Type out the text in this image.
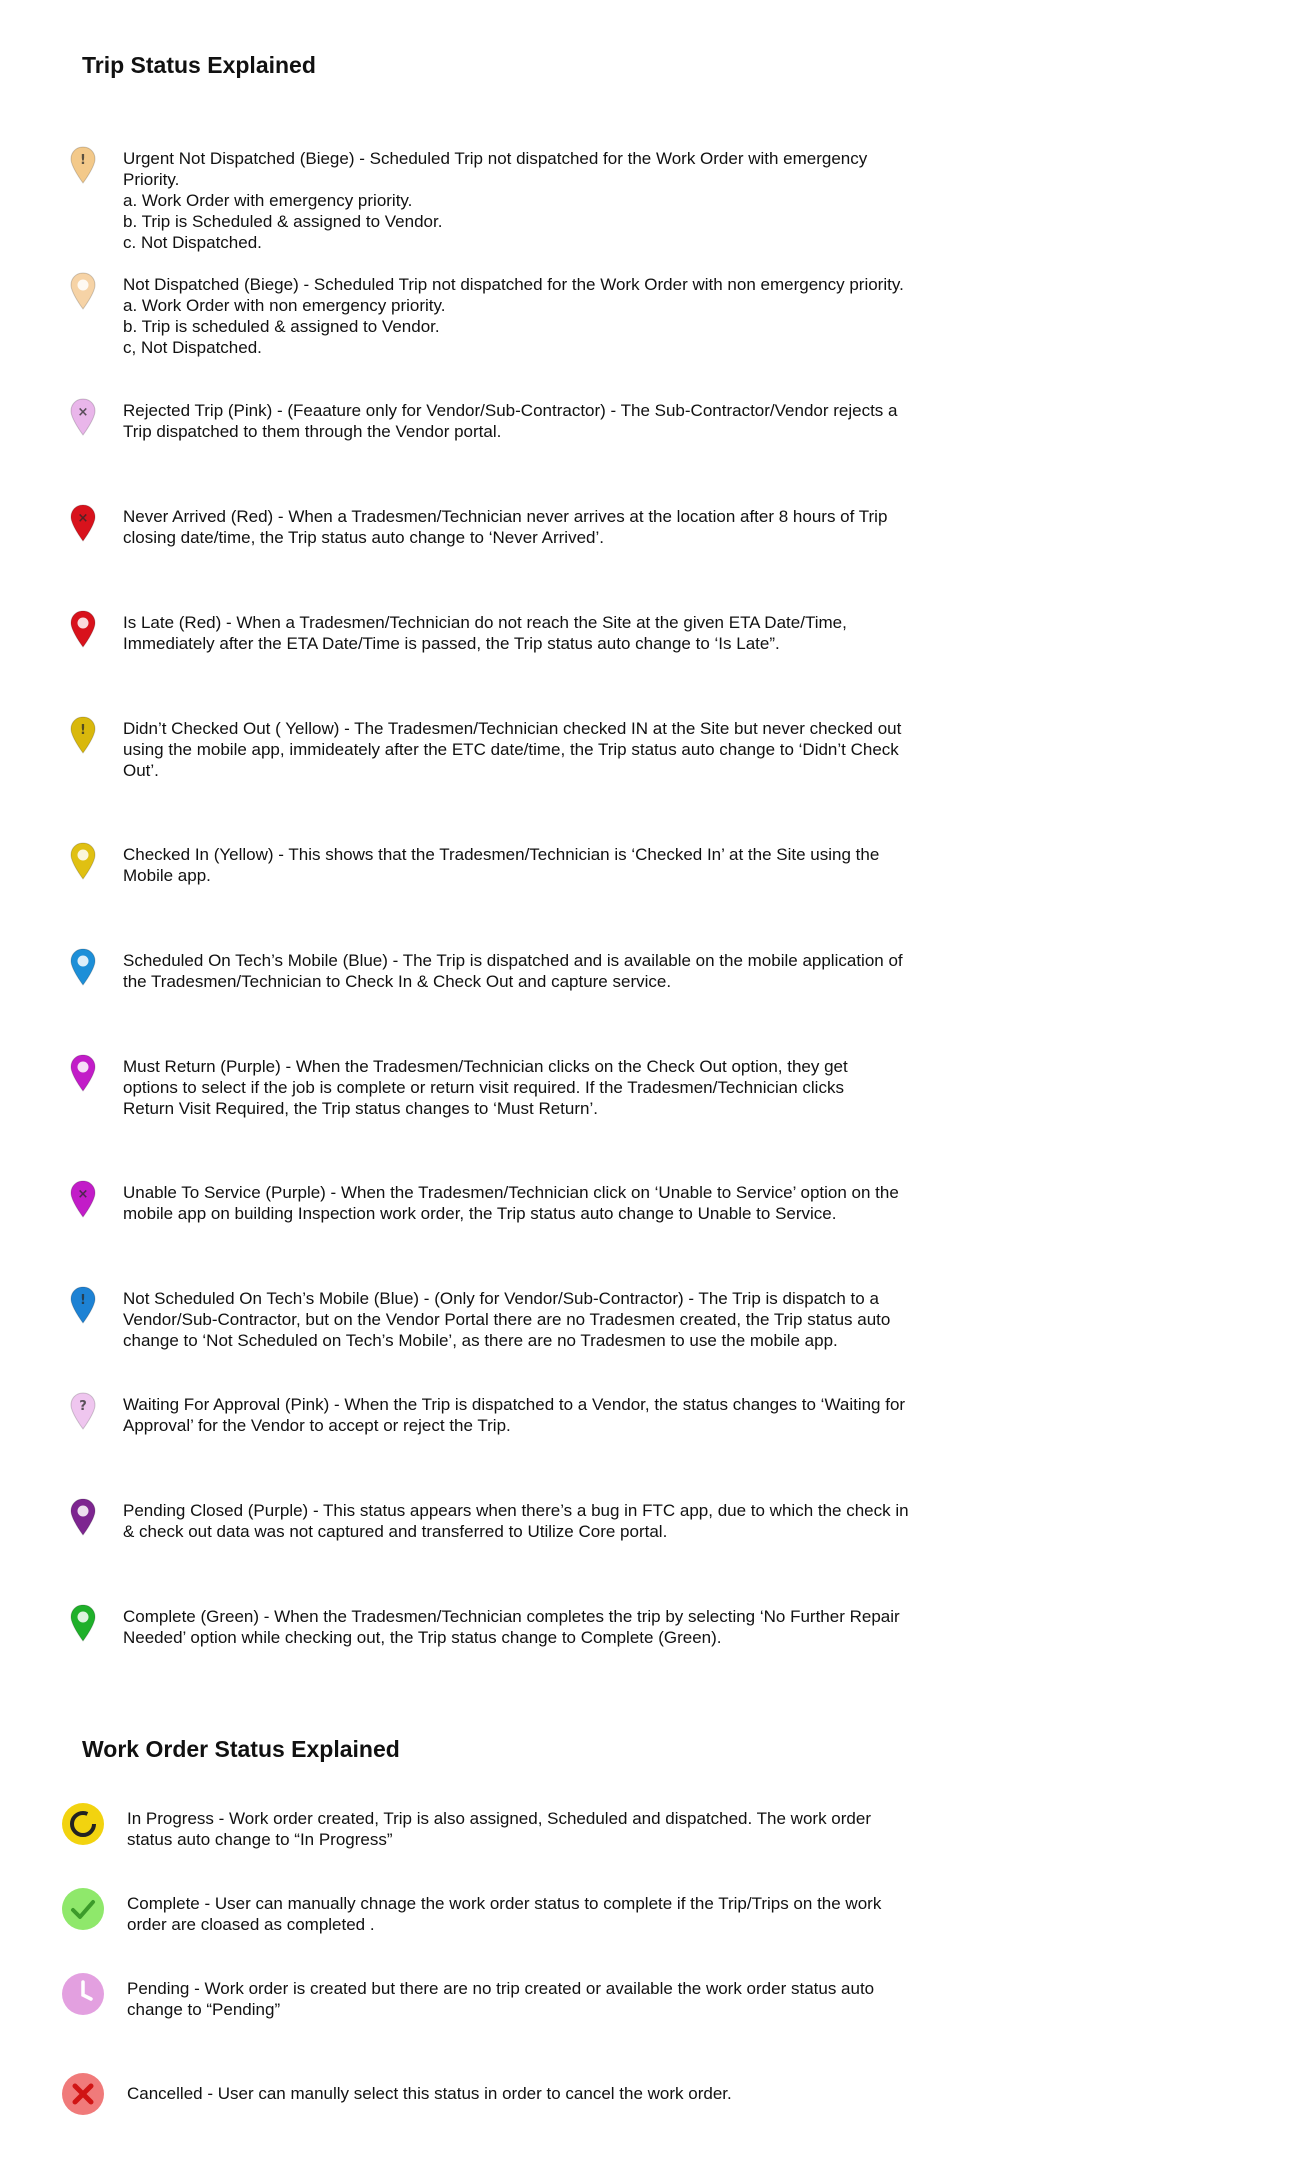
Trip Status Explained
! Urgent Not Dispatched (Biege) - Scheduled Trip not dispatched for the Work Order with emergency
Priority.
a. Work Order with emergency priority.
b. Trip is Scheduled & assigned to Vendor.
c. Not Dispatched.
Not Dispatched (Biege) - Scheduled Trip not dispatched for the Work Order with non emergency priority.
a. Work Order with non emergency priority.
b. Trip is scheduled & assigned to Vendor.
c, Not Dispatched.
× Rejected Trip (Pink) - (Feaature only for Vendor/Sub-Contractor) - The Sub-Contractor/Vendor rejects a
Trip dispatched to them through the Vendor portal.
× Never Arrived (Red) - When a Tradesmen/Technician never arrives at the location after 8 hours of Trip
closing date/time, the Trip status auto change to ‘Never Arrived’.
Is Late (Red) - When a Tradesmen/Technician do not reach the Site at the given ETA Date/Time,
Immediately after the ETA Date/Time is passed, the Trip status auto change to ‘Is Late”.
! Didn’t Checked Out ( Yellow) - The Tradesmen/Technician checked IN at the Site but never checked out
using the mobile app, immideately after the ETC date/time, the Trip status auto change to ‘Didn’t Check
Out’.
Checked In (Yellow) - This shows that the Tradesmen/Technician is ‘Checked In’ at the Site using the
Mobile app.
Scheduled On Tech’s Mobile (Blue) - The Trip is dispatched and is available on the mobile application of
the Tradesmen/Technician to Check In & Check Out and capture service.
Must Return (Purple) - When the Tradesmen/Technician clicks on the Check Out option, they get
options to select if the job is complete or return visit required. If the Tradesmen/Technician clicks
Return Visit Required, the Trip status changes to ‘Must Return’.
× Unable To Service (Purple) - When the Tradesmen/Technician click on ‘Unable to Service’ option on the
mobile app on building Inspection work order, the Trip status auto change to Unable to Service.
! Not Scheduled On Tech’s Mobile (Blue) - (Only for Vendor/Sub-Contractor) - The Trip is dispatch to a
Vendor/Sub-Contractor, but on the Vendor Portal there are no Tradesmen created, the Trip status auto
change to ‘Not Scheduled on Tech’s Mobile’, as there are no Tradesmen to use the mobile app.
? Waiting For Approval (Pink) - When the Trip is dispatched to a Vendor, the status changes to ‘Waiting for
Approval’ for the Vendor to accept or reject the Trip.
Pending Closed (Purple) - This status appears when there’s a bug in FTC app, due to which the check in
& check out data was not captured and transferred to Utilize Core portal.
Complete (Green) - When the Tradesmen/Technician completes the trip by selecting ‘No Further Repair
Needed’ option while checking out, the Trip status change to Complete (Green).
Work Order Status Explained
In Progress - Work order created, Trip is also assigned, Scheduled and dispatched. The work order
status auto change to “In Progress”
Complete - User can manually chnage the work order status to complete if the Trip/Trips on the work
order are cloased as completed .
Pending - Work order is created but there are no trip created or available the work order status auto
change to “Pending”
Cancelled - User can manully select this status in order to cancel the work order.
